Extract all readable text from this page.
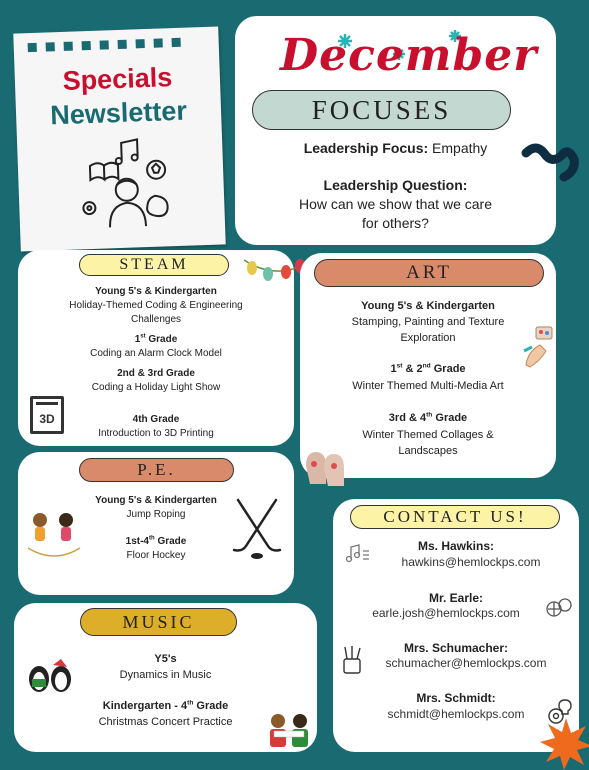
Specials
Newsletter
December
FOCUSES
Leadership Focus: Empathy
Leadership Question:
How can we show that we care
for others?
STEAM
Young 5's & Kindergarten
Holiday-Themed Coding & Engineering
Challenges
1st Grade
Coding an Alarm Clock Model
2nd & 3rd Grade
Coding a Holiday Light Show
4th Grade
Introduction to 3D Printing
3D
ART
Young 5's & Kindergarten
Stamping, Painting and Texture
Exploration
1st & 2nd Grade
Winter Themed Multi-Media Art
3rd & 4th Grade
Winter Themed Collages &
Landscapes
P.E.
Young 5's & Kindergarten
Jump Roping
1st-4th Grade
Floor Hockey
MUSIC
Y5's
Dynamics in Music
Kindergarten - 4th Grade
Christmas Concert Practice
CONTACT US!
Ms. Hawkins:
hawkins@hemlockps.com
Mr. Earle:
earle.josh@hemlockps.com
Mrs. Schumacher:
schumacher@hemlockps.com
Mrs. Schmidt:
schmidt@hemlockps.com
